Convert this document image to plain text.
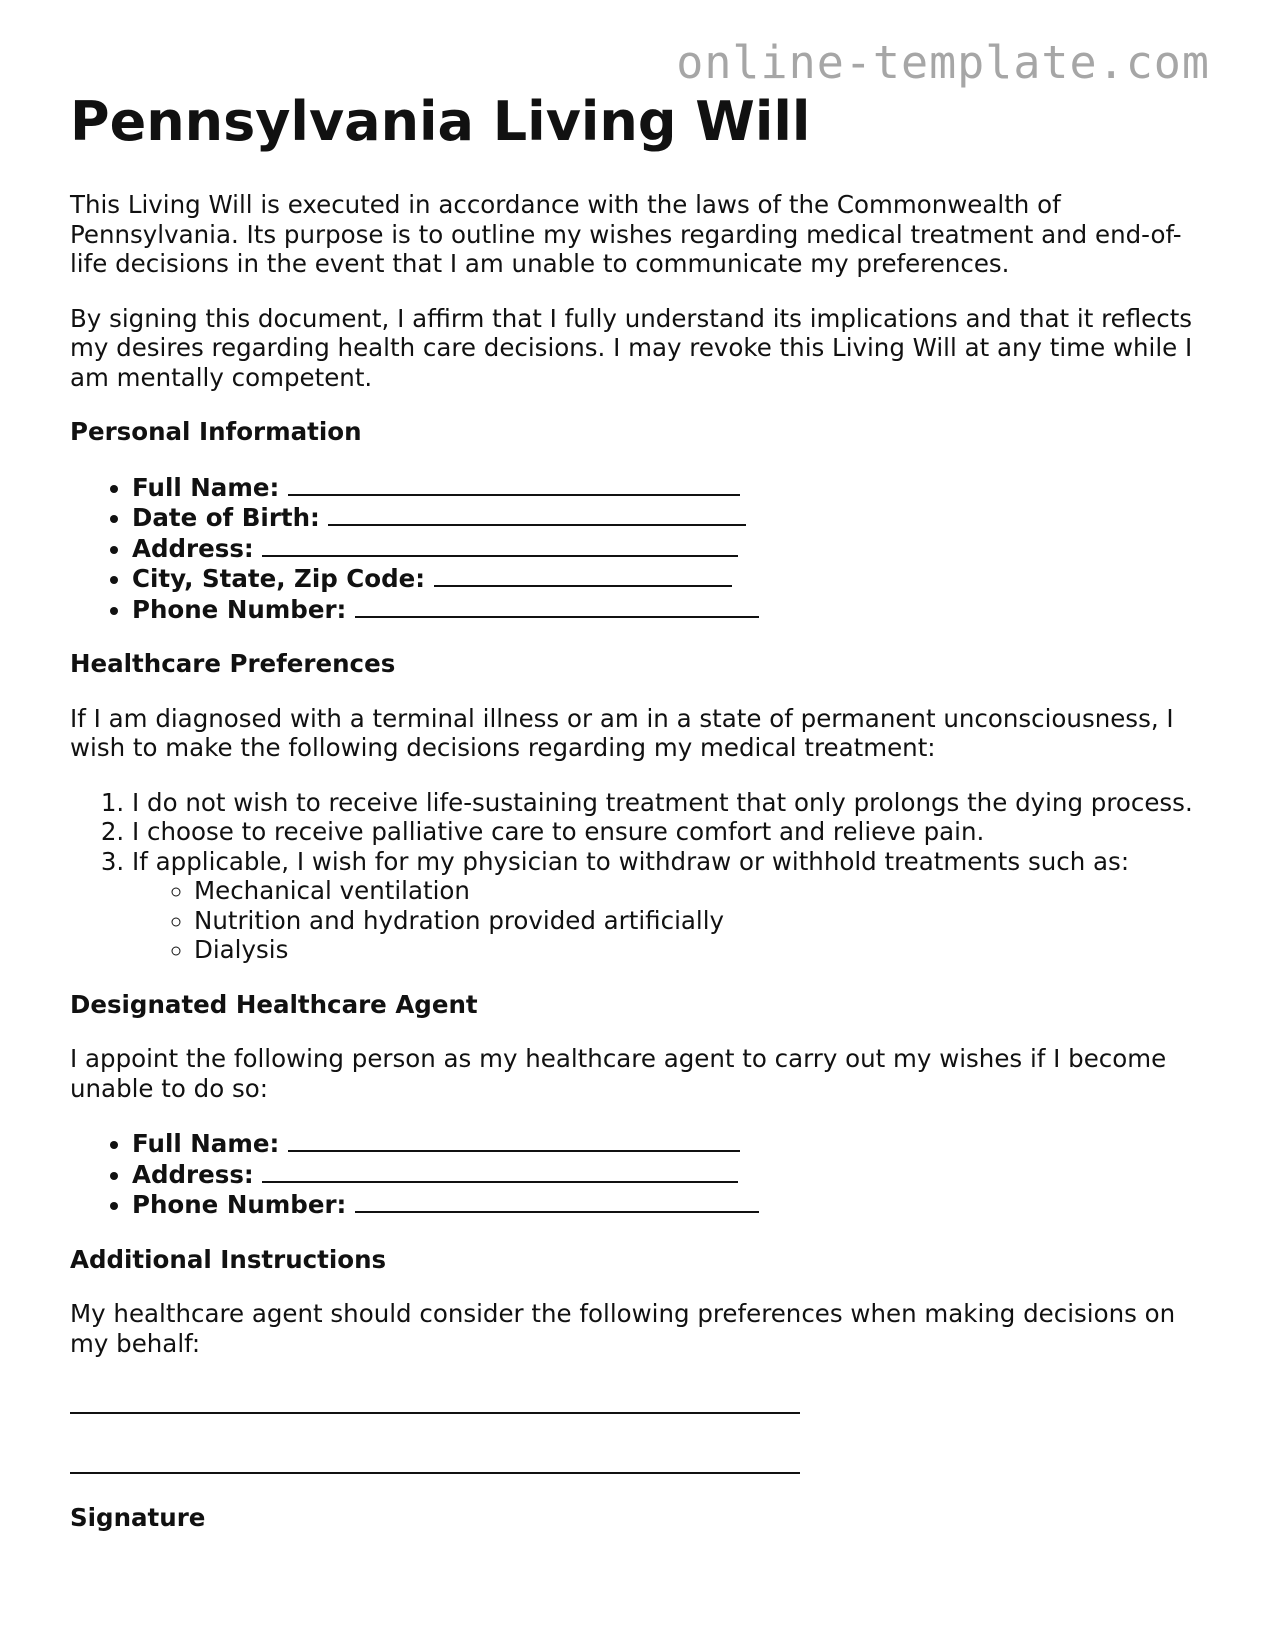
online-template.com
Pennsylvania Living Will

This Living Will is executed in accordance with the laws of the Commonwealth of Pennsylvania. Its purpose is to outline my wishes regarding medical treatment and end-of-life decisions in the event that I am unable to communicate my preferences.

By signing this document, I affirm that I fully understand its implications and that it reflects my desires regarding health care decisions. I may revoke this Living Will at any time while I am mentally competent.

Personal Information
• Full Name:
• Date of Birth:
• Address:
• City, State, Zip Code:
• Phone Number:
Healthcare Preferences

If I am diagnosed with a terminal illness or am in a state of permanent unconsciousness, I wish to make the following decisions regarding my medical treatment:

1. I do not wish to receive life-sustaining treatment that only prolongs the dying process.
2. I choose to receive palliative care to ensure comfort and relieve pain.
3. If applicable, I wish for my physician to withdraw or withhold treatments such as:
◦ Mechanical ventilation
◦ Nutrition and hydration provided artificially
◦ Dialysis
Designated Healthcare Agent

I appoint the following person as my healthcare agent to carry out my wishes if I become unable to do so:

• Full Name:
• Address:
• Phone Number:
Additional Instructions

My healthcare agent should consider the following preferences when making decisions on my behalf:

Signature
